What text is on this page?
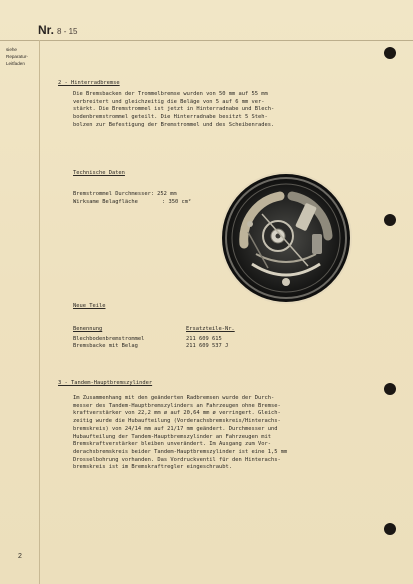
Nr. 8 - 15
siehe
Reparatur-
Leitfaden
2 - Hinterradbremse

Die Bremsbacken der Trommelbremse wurden von 50 mm auf 55 mm

verbreitert und gleichzeitig die Beläge von 5 auf 6 mm ver-

stärkt. Die Bremstrommel ist jetzt in Hinterradnabe und Blech-

bodenbremstrommel geteilt. Die Hinterradnabe besitzt 5 Steh-

bolzen zur Befestigung der Bremstrommel und des Scheibenrades.

Technische Daten
Bremstrommel Durchmesser: 252 mm
Wirksame Belagfläche	: 350 cm²
Neue Teile
Benennung	Ersatzteile-Nr.
Blechbodenbremstrommel	211 609 615
Bremsbacke mit Belag	211 609 537 J
3 - Tandem-Hauptbremszylinder

Im Zusammenhang mit den geänderten Radbremsen wurde der Durch-

messer des Tandem-Hauptbremszylinders an Fahrzeugen ohne Bremse-

kraftverstärker von 22,2 mm ø auf 20,64 mm ø verringert. Gleich-

zeitig wurde die Hubaufteilung (Vorderachsbremskreis/Hinterachs-

bremskreis) von 24/14 mm auf 21/17 mm geändert. Durchmesser und

Hubaufteilung der Tandem-Hauptbremszylinder an Fahrzeugen mit

Bremskraftverstärker bleiben unverändert. Im Ausgang zum Vor-

derachsbremskreis beider Tandem-Hauptbremszylinder ist eine 1,5 mm

Drosselbohrung vorhanden. Das Vordruckventil für den Hinterachs-

bremskreis ist im Bremskraftregler eingeschraubt.

2
